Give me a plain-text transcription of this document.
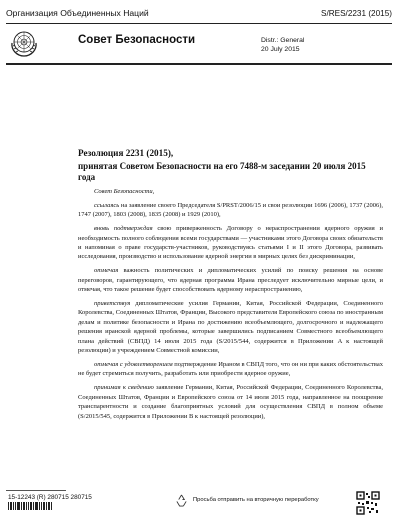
Организация Объединенных Наций	S/RES/2231 (2015)
Совет Безопасности	Distr.: General
20 July 2015

Резолюция 2231 (2015),

принятая Советом Безопасности на его 7488-м заседании 20 июля 2015 года

Совет Безопасности,

ссылаясь на заявление своего Председателя S/PRST/2006/15 и свои резолюции 1696 (2006), 1737 (2006), 1747 (2007), 1803 (2008), 1835 (2008) и 1929 (2010),

вновь подтверждая свою приверженность Договору о нераспространении ядерного оружия и необходимость полного соблюдения всеми государствами — участниками этого Договора своих обязательств и напоминая о праве государств-участников, руководствуясь статьями I и II этого Договора, развивать исследования, производство и использование ядерной энергии в мирных целях без дискриминации,

отмечая важность политических и дипломатических усилий по поиску решения на основе переговоров, гарантирующего, что ядерная программа Ирана преследует исключительно мирные цели, и отмечая, что такое решение будет способствовать ядерному нераспространению,

приветствуя дипломатические усилия Германии, Китая, Российской Федерации, Соединенного Королевства, Соединенных Штатов, Франции, Высокого представителя Европейского союза по иностранным делам и политике безопасности и Ирана по достижению всеобъемлющего, долгосрочного и надлежащего решения иранской ядерной проблемы, которые завершились подписанием Совместного всеобъемлющего плана действий (СВПД) 14 июля 2015 года (S/2015/544, содержится в Приложении A к настоящей резолюции) и учреждением Совместной комиссии,

отмечая с удовлетворением подтверждение Ираном в СВПД того, что он ни при каких обстоятельствах не будет стремиться получить, разработать или приобрести ядерное оружие,

принимая к сведению заявление Германии, Китая, Российской Федерации, Соединенного Королевства, Соединенных Штатов, Франции и Европейского союза от 14 июля 2015 года, направленное на поощрение транспарентности и создание благоприятных условий для осуществления СВПД в полном объеме (S/2015/545, содержится в Приложении B к настоящей резолюции),

15-12243 (R) 280715 280715	Просьба отправить на вторичную переработку
